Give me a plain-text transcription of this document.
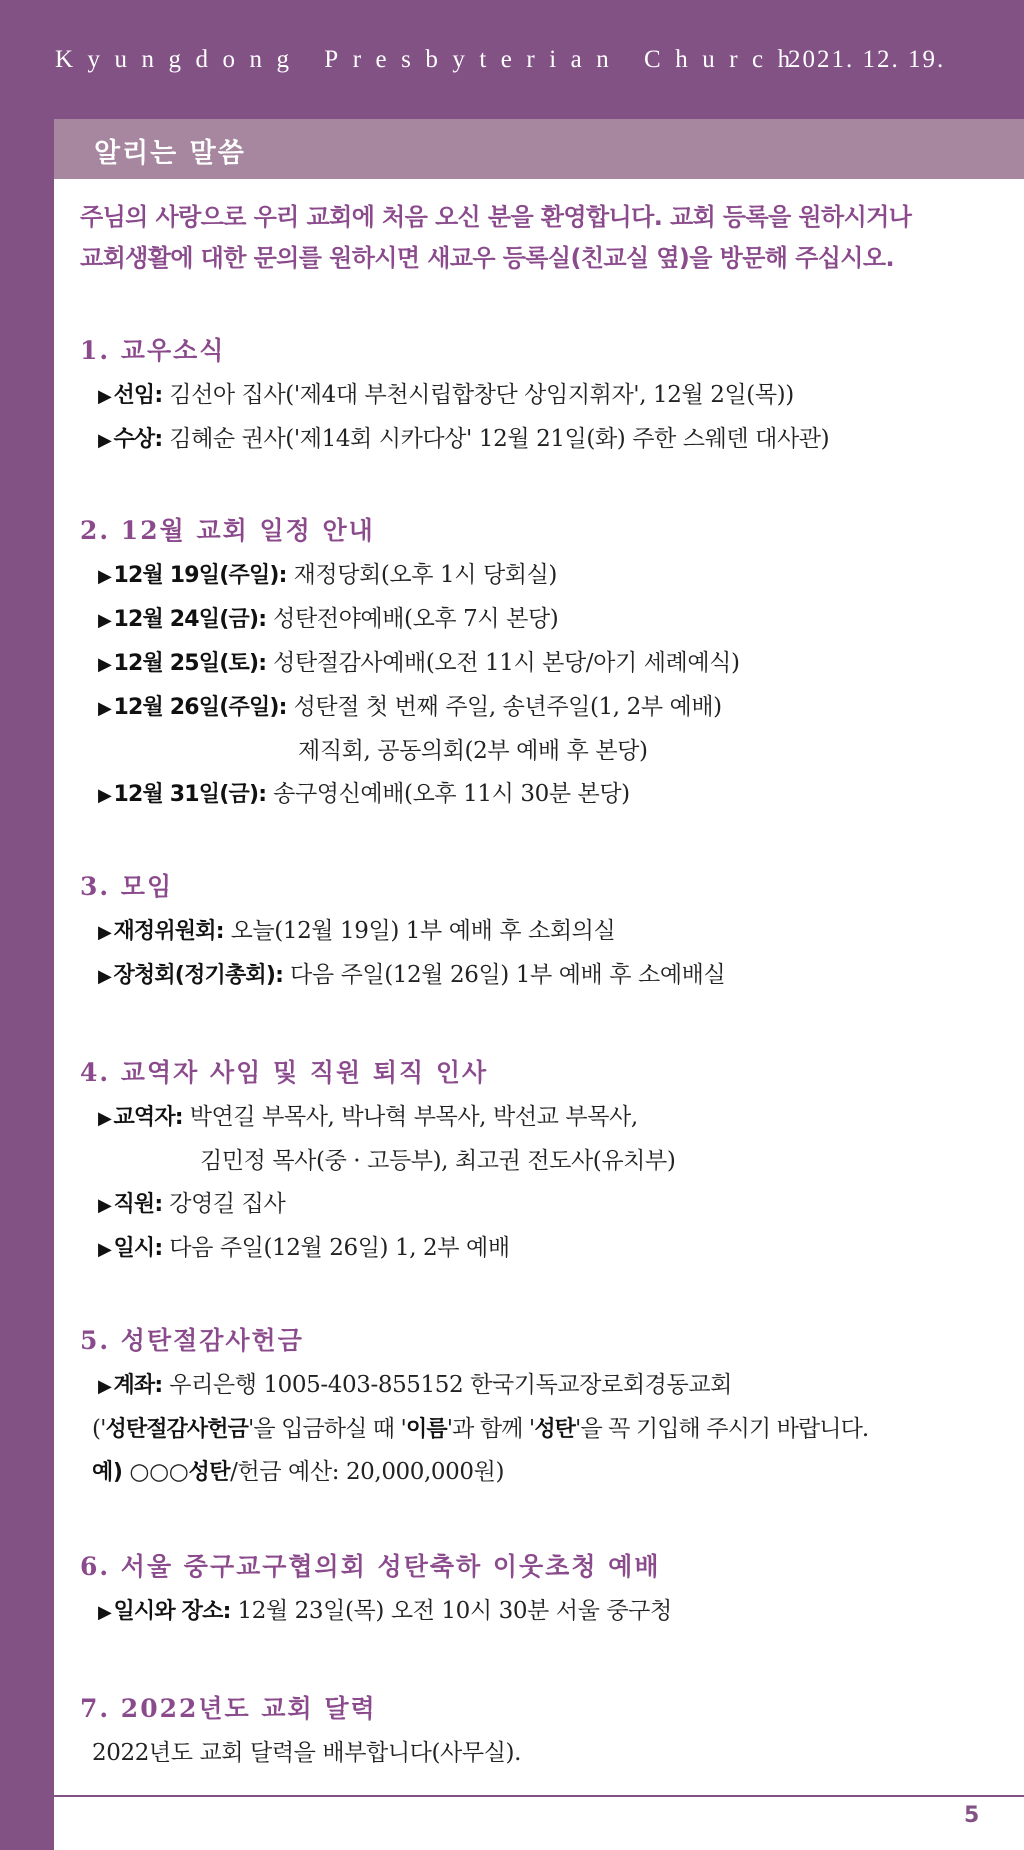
Kyungdong Presbyterian Church
2021. 12. 19.
알리는 말씀

주님의 사랑으로 우리 교회에 처음 오신 분을 환영합니다. 교회 등록을 원하시거나

교회생활에 대한 문의를 원하시면 새교우 등록실(친교실 옆)을 방문해 주십시오.

1. 교우소식
▶선임: 김선아 집사('제4대 부천시립합창단 상임지휘자', 12월 2일(목))
▶수상: 김혜순 권사('제14회 시카다상' 12월 21일(화) 주한 스웨덴 대사관)
2. 12월 교회 일정 안내
▶12월 19일(주일): 재정당회(오후 1시 당회실)
▶12월 24일(금): 성탄전야예배(오후 7시 본당)
▶12월 25일(토): 성탄절감사예배(오전 11시 본당/아기 세례예식)
▶12월 26일(주일): 성탄절 첫 번째 주일, 송년주일(1, 2부 예배)
제직회, 공동의회(2부 예배 후 본당)
▶12월 31일(금): 송구영신예배(오후 11시 30분 본당)
3. 모임
▶재정위원회: 오늘(12월 19일) 1부 예배 후 소회의실
▶장청회(정기총회): 다음 주일(12월 26일) 1부 예배 후 소예배실
4. 교역자 사임 및 직원 퇴직 인사
▶교역자: 박연길 부목사, 박나혁 부목사, 박선교 부목사,
김민정 목사(중 · 고등부), 최고권 전도사(유치부)
▶직원: 강영길 집사
▶일시: 다음 주일(12월 26일) 1, 2부 예배
5. 성탄절감사헌금
▶계좌: 우리은행 1005-403-855152 한국기독교장로회경동교회
('성탄절감사헌금'을 입금하실 때 '이름'과 함께 '성탄'을 꼭 기입해 주시기 바랍니다.
예) ○○○성탄/헌금 예산: 20,000,000원)
6. 서울 중구교구협의회 성탄축하 이웃초청 예배
▶일시와 장소: 12월 23일(목) 오전 10시 30분 서울 중구청
7. 2022년도 교회 달력
2022년도 교회 달력을 배부합니다(사무실).
5
